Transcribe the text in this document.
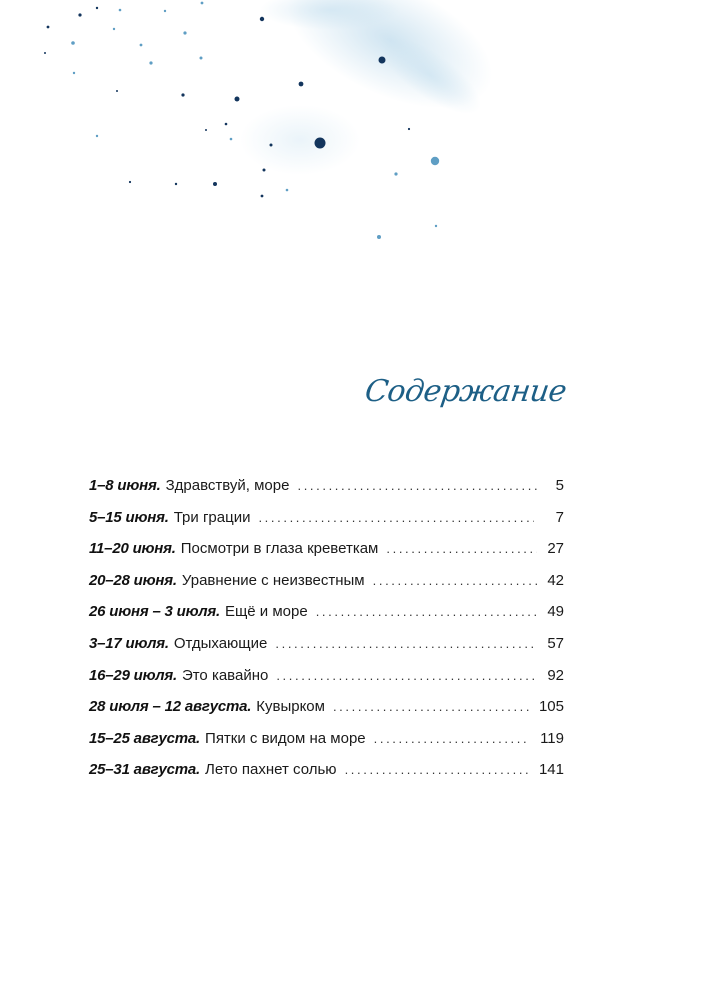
Содержание
1–8 июня. Здравствуй, море . . .	5
5–15 июня. Три грации . . .	7
11–20 июня. Посмотри в глаза креветкам . . .	27
20–28 июня. Уравнение с неизвестным . . .	42
26 июня – 3 июля. Ещё и море . . .	49
3–17 июля. Отдыхающие . . .	57
16–29 июля. Это кавайно . . .	92
28 июля – 12 августа. Кувырком . . .	105
15–25 августа. Пятки с видом на море . . .	119
25–31 августа. Лето пахнет солью . . .	141
